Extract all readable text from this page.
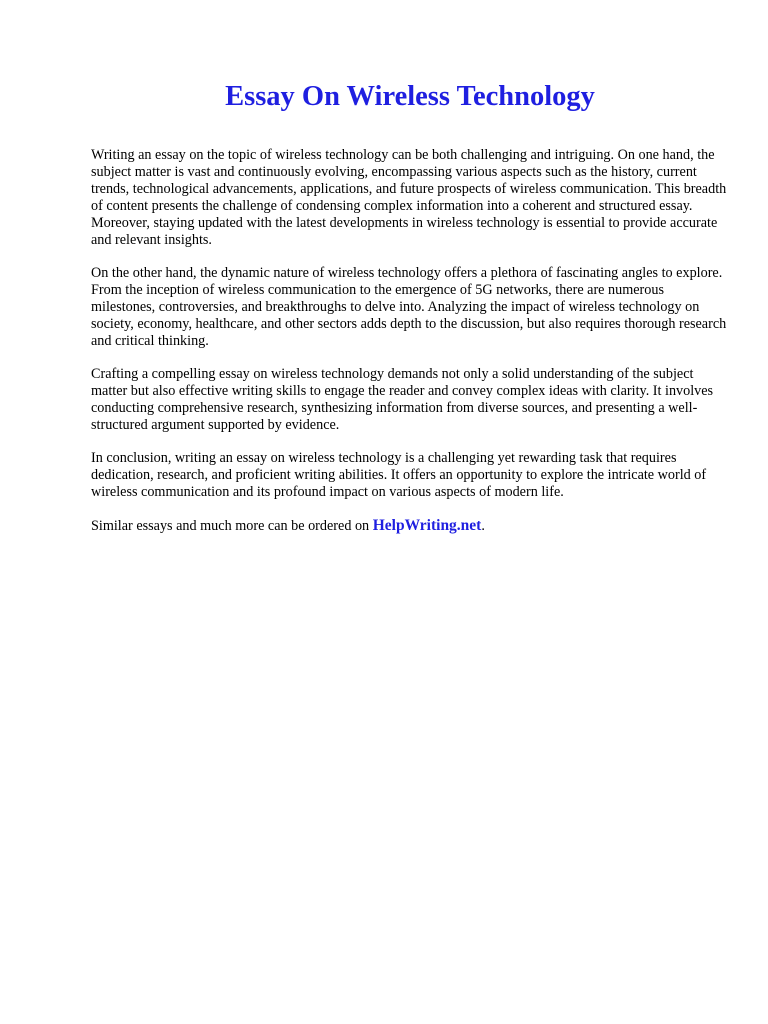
Essay On Wireless Technology

Writing an essay on the topic of wireless technology can be both challenging and intriguing. On one hand, the subject matter is vast and continuously evolving, encompassing various aspects such as the history, current trends, technological advancements, applications, and future prospects of wireless communication. This breadth of content presents the challenge of condensing complex information into a coherent and structured essay. Moreover, staying updated with the latest developments in wireless technology is essential to provide accurate and relevant insights.

On the other hand, the dynamic nature of wireless technology offers a plethora of fascinating angles to explore. From the inception of wireless communication to the emergence of 5G networks, there are numerous milestones, controversies, and breakthroughs to delve into. Analyzing the impact of wireless technology on society, economy, healthcare, and other sectors adds depth to the discussion, but also requires thorough research and critical thinking.

Crafting a compelling essay on wireless technology demands not only a solid understanding of the subject matter but also effective writing skills to engage the reader and convey complex ideas with clarity. It involves conducting comprehensive research, synthesizing information from diverse sources, and presenting a well-structured argument supported by evidence.

In conclusion, writing an essay on wireless technology is a challenging yet rewarding task that requires dedication, research, and proficient writing abilities. It offers an opportunity to explore the intricate world of wireless communication and its profound impact on various aspects of modern life.

Similar essays and much more can be ordered on HelpWriting.net.
